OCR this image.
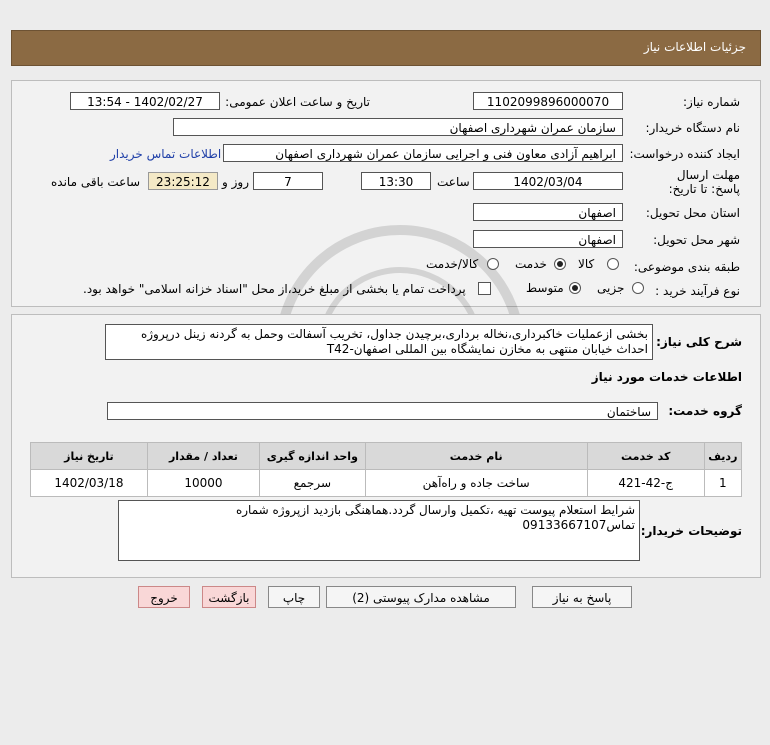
جزئیات اطلاعات نیاز
شماره نیاز:
1102099896000070
تاریخ و ساعت اعلان عمومی:
1402/02/27 - 13:54
نام دستگاه خریدار:
سازمان عمران شهرداری اصفهان
ایجاد کننده درخواست:
ابراهیم آزادی معاون فنی و اجرایی سازمان عمران شهرداری اصفهان
اطلاعات تماس خریدار
مهلت ارسال پاسخ: تا تاریخ:
1402/03/04
ساعت
13:30
7
روز و
23:25:12
ساعت باقی مانده
استان محل تحویل:
اصفهان
شهر محل تحویل:
اصفهان
طبقه بندی موضوعی:
کالا
خدمت
کالا/خدمت
نوع فرآیند خرید :
جزیی
متوسط
پرداخت تمام یا بخشی از مبلغ خرید،از محل "اسناد خزانه اسلامی" خواهد بود.
شرح کلی نیاز:
بخشی ازعملیات خاکبرداری،نخاله برداری،برچیدن جداول، تخریب آسفالت وحمل به گردنه زینل درپروژه احداث خیابان منتهی به مخازن نمایشگاه بین المللی اصفهان-T42
اطلاعات خدمات مورد نیاز
گروه خدمت:
ساختمان
ردیف	کد خدمت	نام خدمت	واحد اندازه گیری	تعداد / مقدار	تاریخ نیاز
1	ج-42-421	ساخت جاده و راه‌آهن	سرجمع	10000	1402/03/18
توضیحات خریدار:
شرایط استعلام پیوست تهیه ،تکمیل وارسال گردد.هماهنگی بازدید ازپروژه شماره تماس09133667107
پاسخ به نیاز
مشاهده مدارک پیوستی (2)
چاپ
بازگشت
خروج
